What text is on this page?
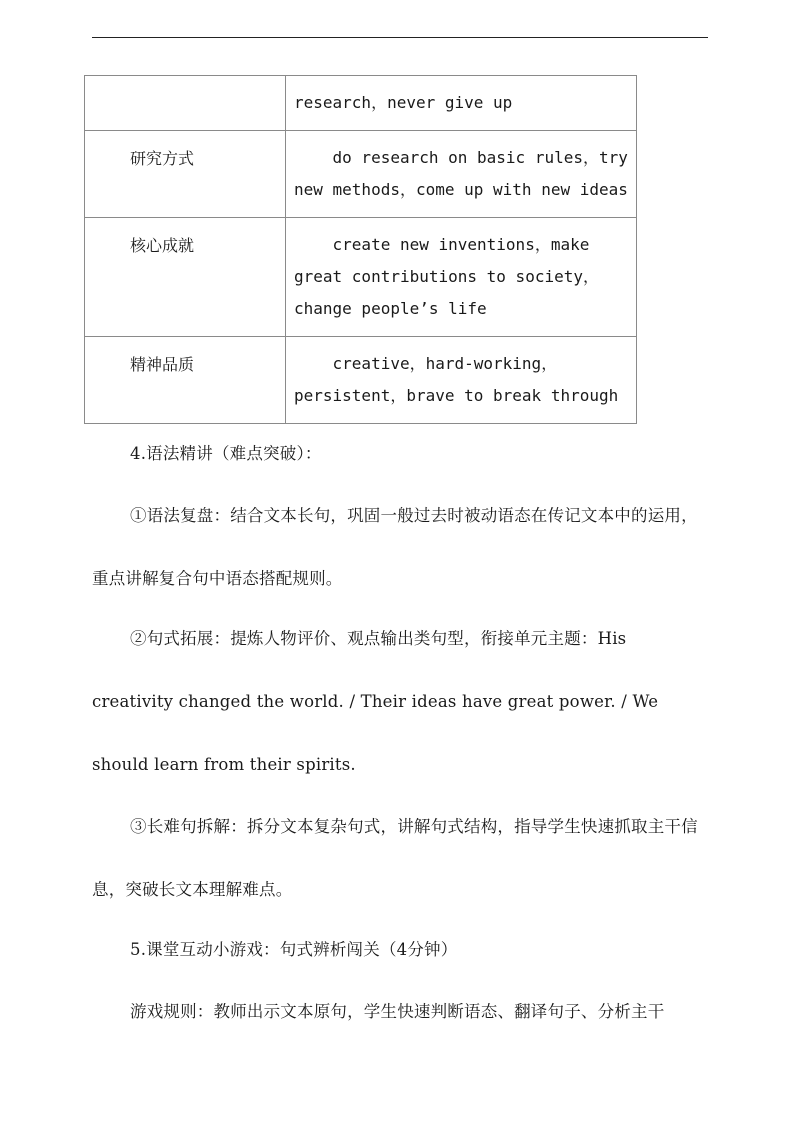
	research，never give up
研究方式	do research on basic rules，try new methods，come up with new ideas
核心成就	create new inventions，make great contributions to society，change people’s life
精神品质	creative，hard-working，persistent，brave to break through

4.语法精讲（难点突破）：

①语法复盘：结合文本长句，巩固一般过去时被动语态在传记文本中的运用，重点讲解复合句中语态搭配规则。

②句式拓展：提炼人物评价、观点输出类句型，衔接单元主题：His creativity changed the world. / Their ideas have great power. / We should learn from their spirits.

③长难句拆解：拆分文本复杂句式，讲解句式结构，指导学生快速抓取主干信息，突破长文本理解难点。

5.课堂互动小游戏：句式辨析闯关（4分钟）

游戏规则：教师出示文本原句，学生快速判断语态、翻译句子、分析主干
